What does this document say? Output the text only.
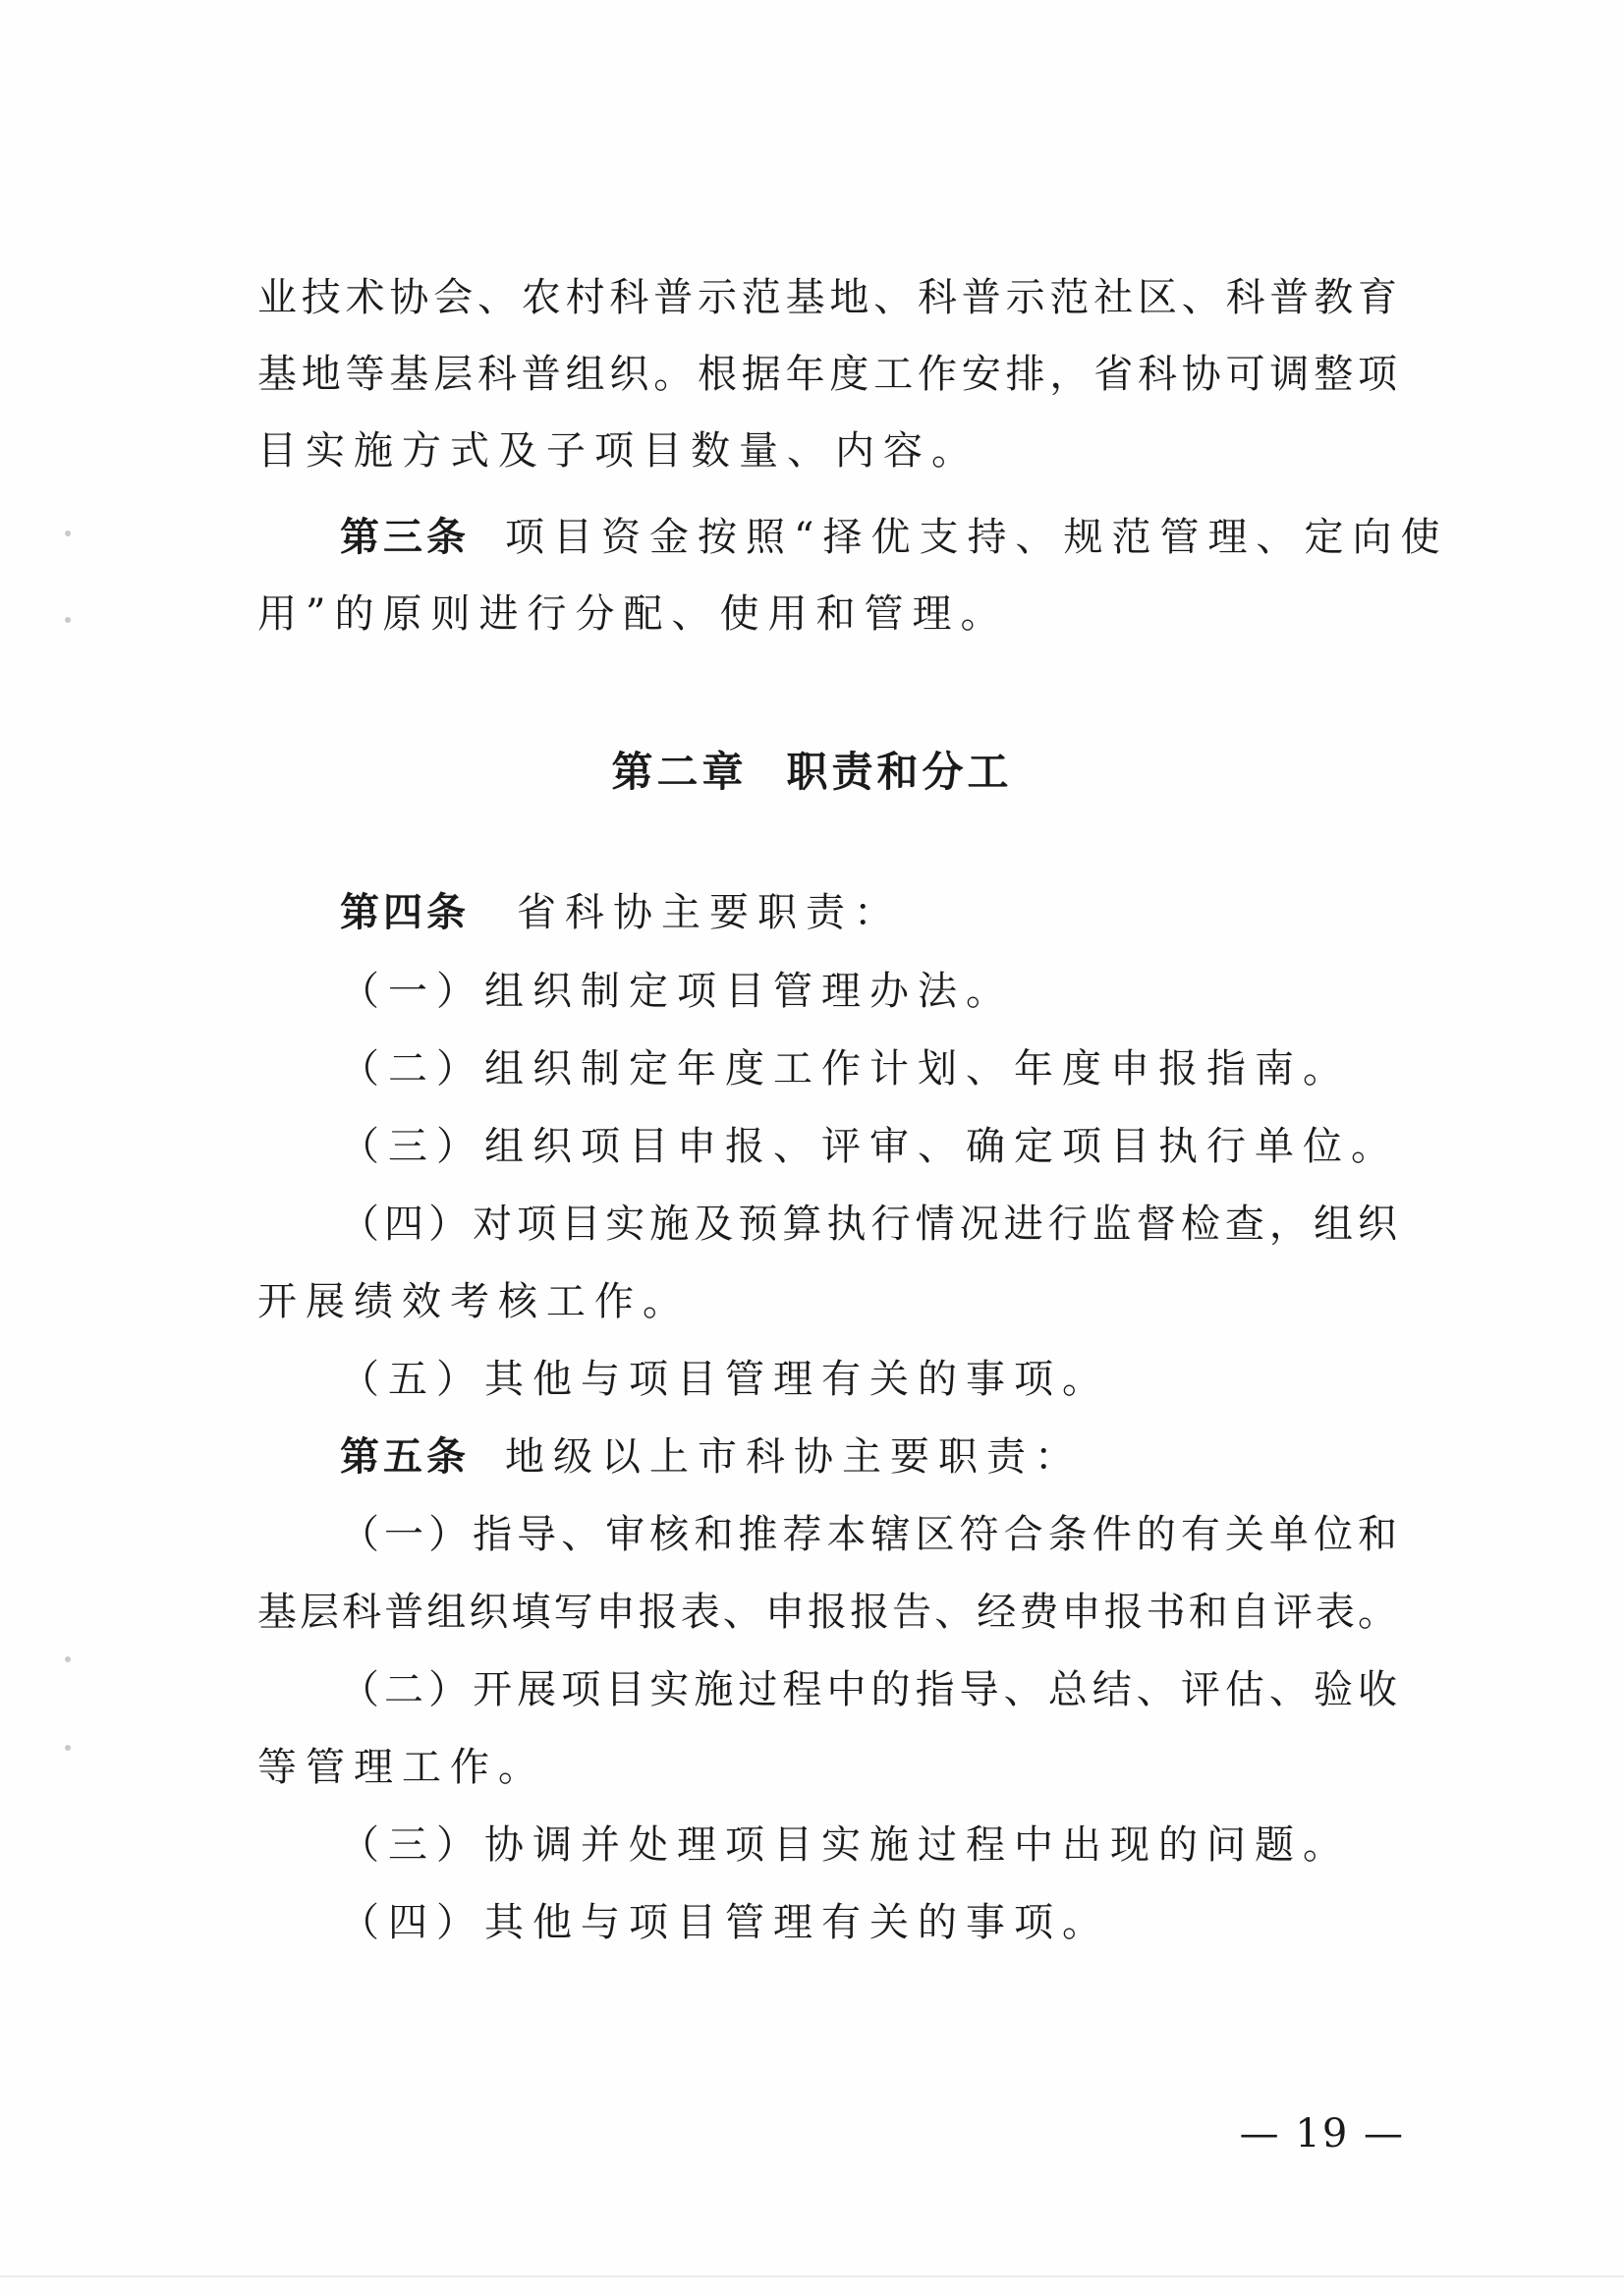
业技术协会、农村科普示范基地、科普示范社区、科普教育
基地等基层科普组织。根据年度工作安排，省科协可调整项
目实施方式及子项目数量、内容。
第三条 项目资金按照“择优支持、规范管理、定向使
用”的原则进行分配、使用和管理。
第二章 职责和分工
第四条 省科协主要职责：
（一）组织制定项目管理办法。
（二）组织制定年度工作计划、年度申报指南。
（三）组织项目申报、评审、确定项目执行单位。
（四）对项目实施及预算执行情况进行监督检查，组织
开展绩效考核工作。
（五）其他与项目管理有关的事项。
第五条 地级以上市科协主要职责：
（一）指导、审核和推荐本辖区符合条件的有关单位和
基层科普组织填写申报表、申报报告、经费申报书和自评表。
（二）开展项目实施过程中的指导、总结、评估、验收
等管理工作。
（三）协调并处理项目实施过程中出现的问题。
（四）其他与项目管理有关的事项。
— 19 —
